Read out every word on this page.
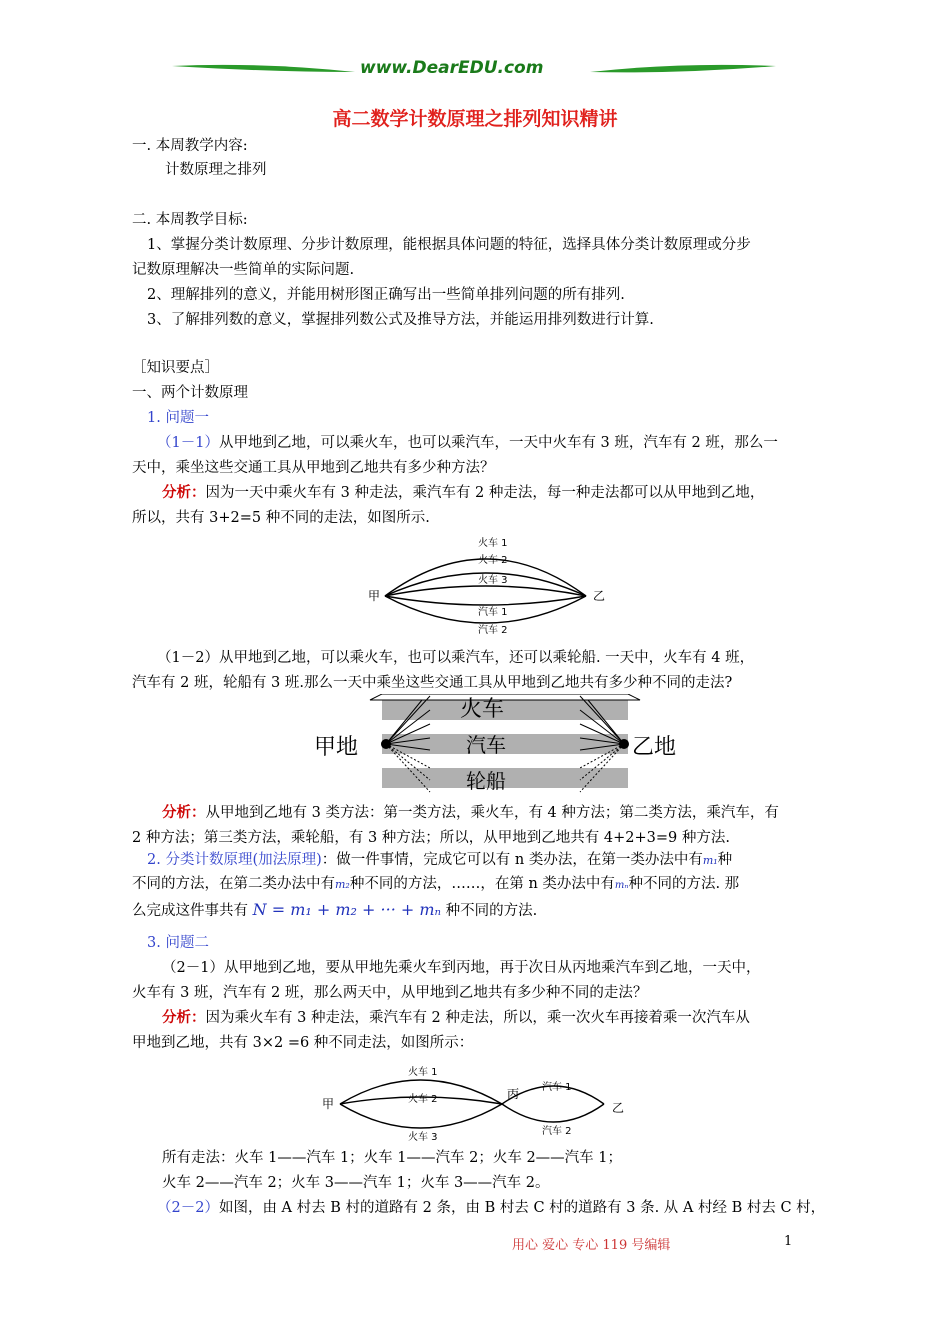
www.DearEDU.com
高二数学计数原理之排列知识精讲
一. 本周教学内容:
计数原理之排列
二. 本周教学目标:
1、掌握分类计数原理、分步计数原理，能根据具体问题的特征，选择具体分类计数原理或分步
记数原理解决一些简单的实际问题.
2、理解排列的意义，并能用树形图正确写出一些简单排列问题的所有排列.
3、了解排列数的意义，掌握排列数公式及推导方法，并能运用排列数进行计算.
［知识要点］
一、两个计数原理
1. 问题一
（1－1）从甲地到乙地，可以乘火车，也可以乘汽车，一天中火车有 3 班，汽车有 2 班，那么一
天中，乘坐这些交通工具从甲地到乙地共有多少种方法？
分析：因为一天中乘火车有 3 种走法，乘汽车有 2 种走法，每一种走法都可以从甲地到乙地，
所以，共有 3+2=5 种不同的走法，如图所示.
甲	乙
火车 1
火车 2
火车 3
汽车 1
汽车 2
（1－2）从甲地到乙地，可以乘火车，也可以乘汽车，还可以乘轮船. 一天中，火车有 4 班，
汽车有 2 班，轮船有 3 班.那么一天中乘坐这些交通工具从甲地到乙地共有多少种不同的走法?
甲地	乙地
火车
汽车
轮船
分析：从甲地到乙地有 3 类方法：第一类方法，乘火车，有 4 种方法；第二类方法，乘汽车，有
2 种方法；第三类方法，乘轮船，有 3 种方法；所以，从甲地到乙地共有 4+2+3=9 种方法.
2. 分类计数原理(加法原理)：做一件事情，完成它可以有 n 类办法，在第一类办法中有m₁种
不同的方法，在第二类办法中有m₂种不同的方法，……，在第 n 类办法中有mₙ种不同的方法. 那
么完成这件事共有 N = m₁ + m₂ + ··· + mₙ 种不同的方法.
3. 问题二
（2－1）从甲地到乙地，要从甲地先乘火车到丙地，再于次日从丙地乘汽车到乙地，一天中，
火车有 3 班，汽车有 2 班，那么两天中，从甲地到乙地共有多少种不同的走法？
分析：因为乘火车有 3 种走法，乘汽车有 2 种走法，所以，乘一次火车再接着乘一次汽车从
甲地到乙地，共有 3×2 =6 种不同走法，如图所示：
甲
丙
乙
火车 1
火车 2
火车 3
汽车 1
汽车 2
所有走法：火车 1——汽车 1；火车 1——汽车 2；火车 2——汽车 1；
火车 2——汽车 2；火车 3——汽车 1；火车 3——汽车 2。
（2－2）如图，由 A 村去 B 村的道路有 2 条，由 B 村去 C 村的道路有 3 条. 从 A 村经 B 村去 C 村，
用心 爱心 专心 119 号编辑	1
